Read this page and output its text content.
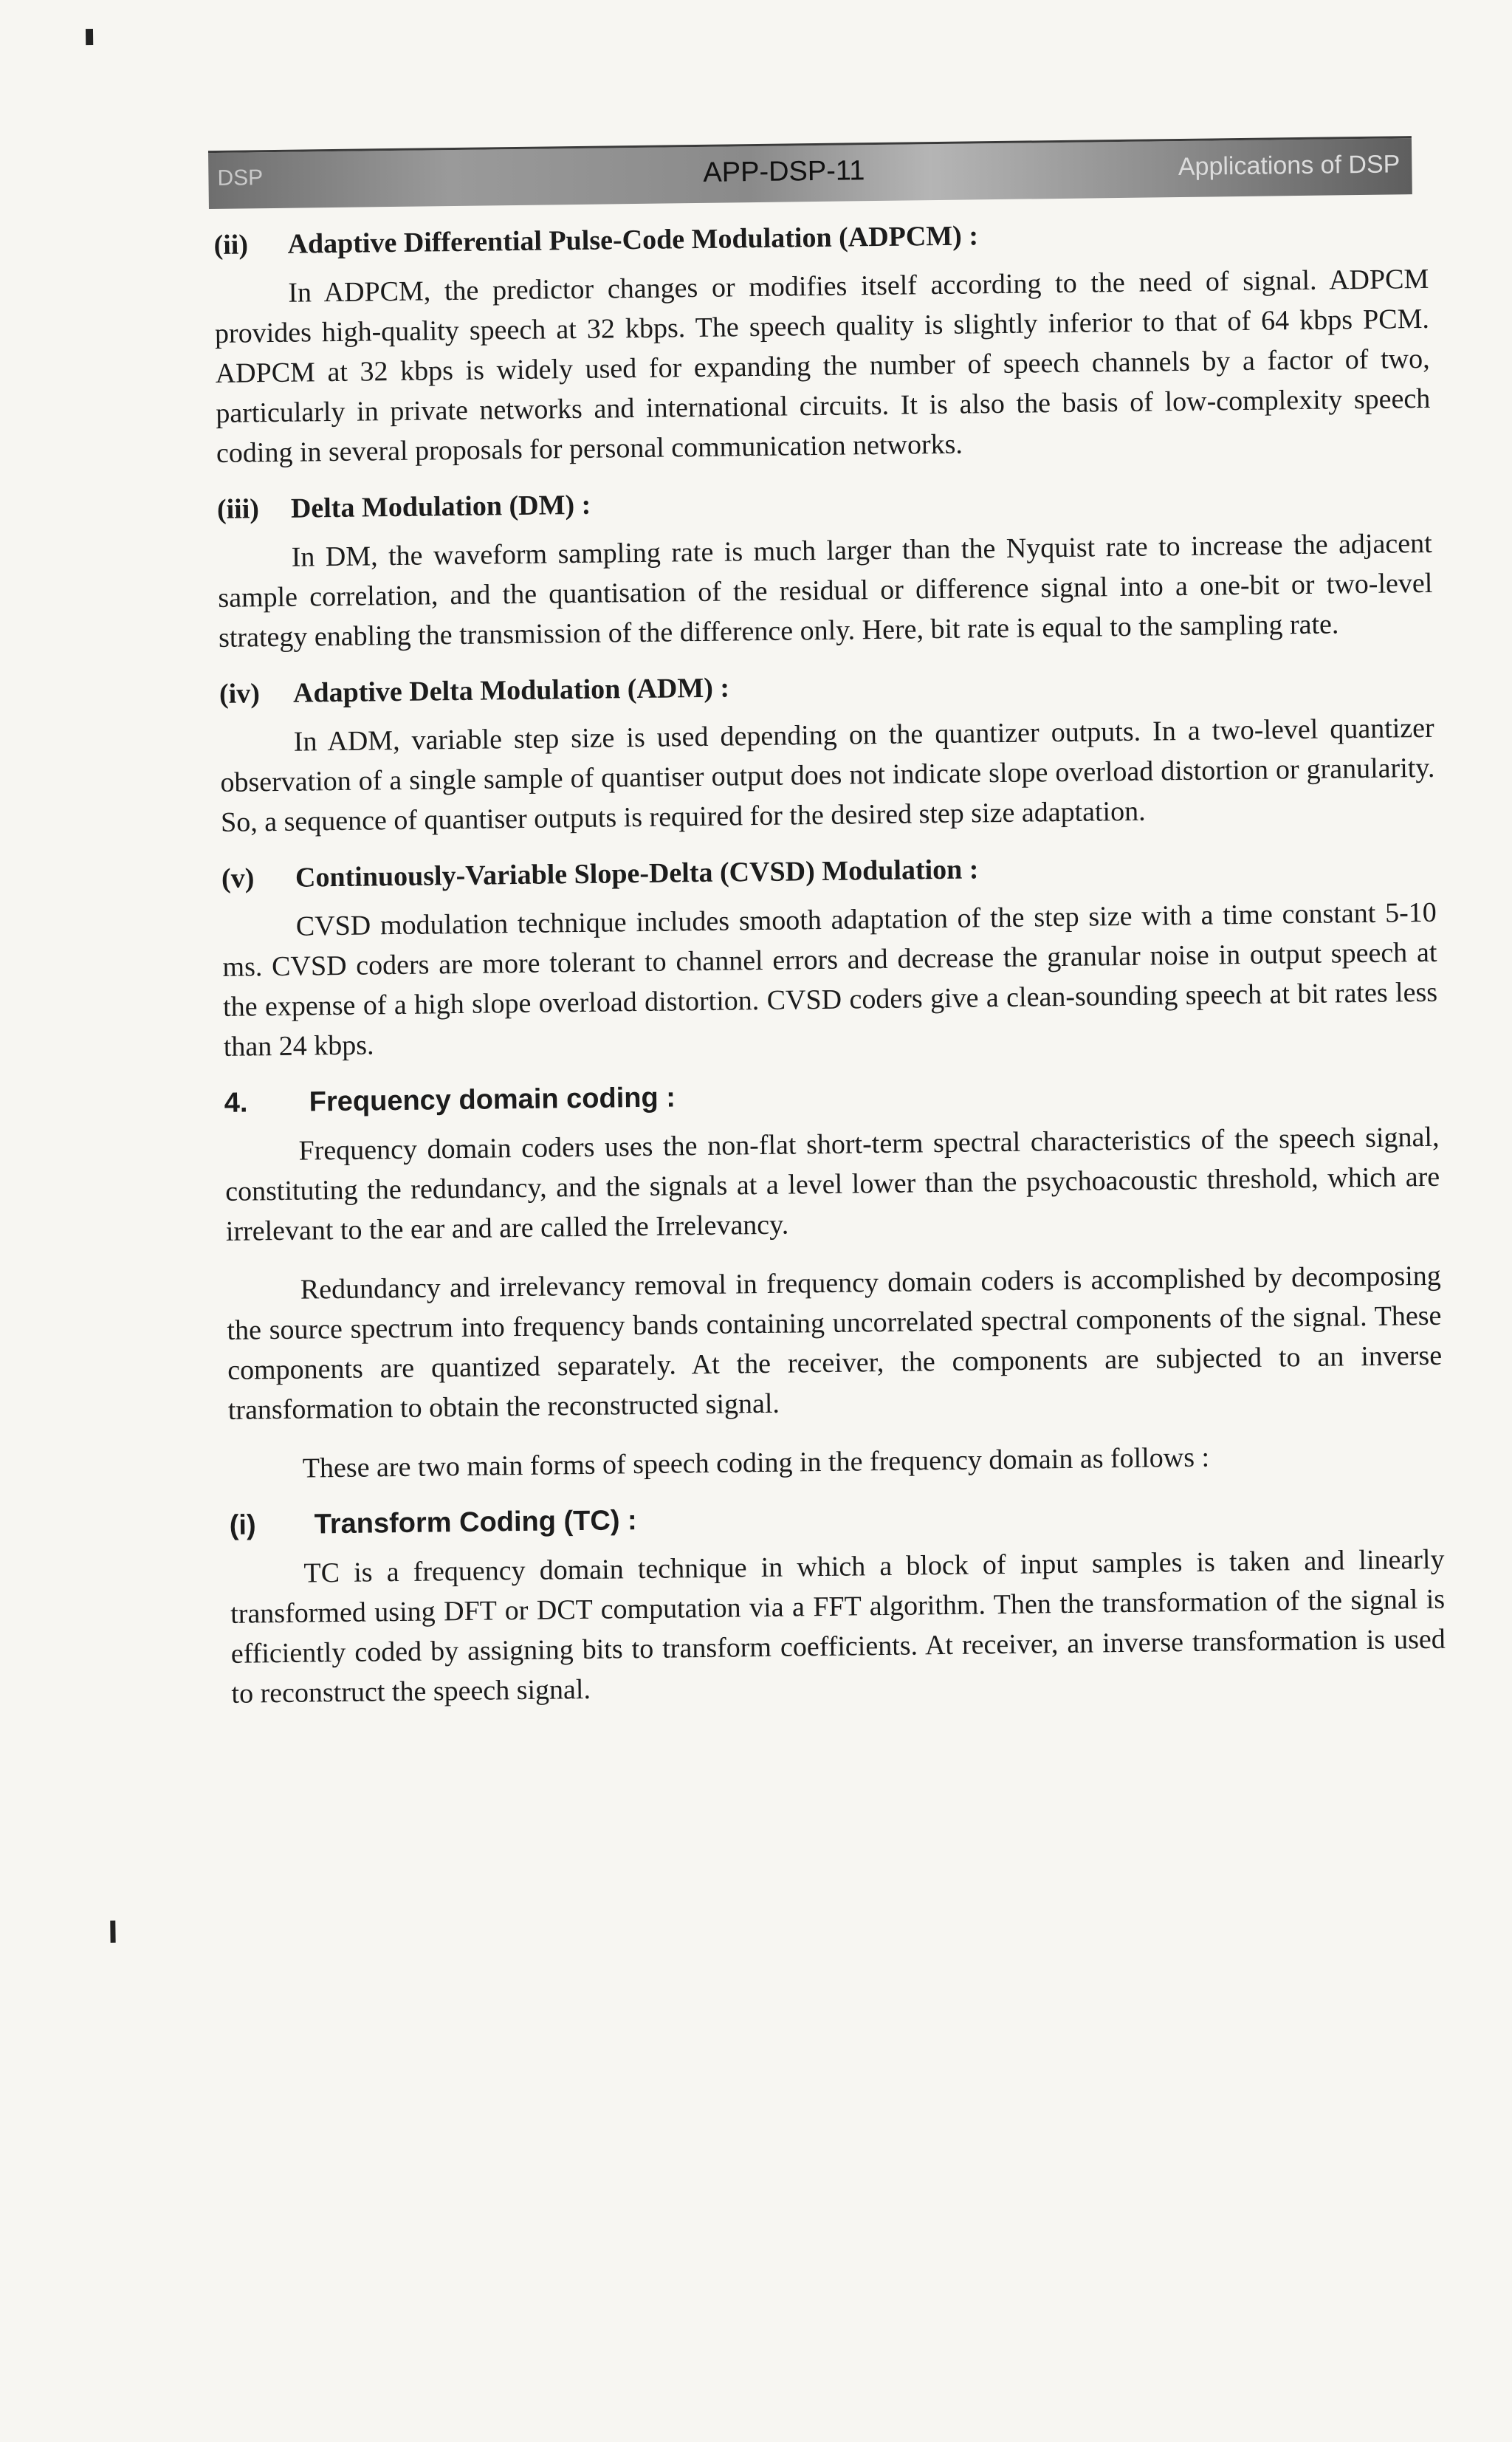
DSP	APP-DSP-11	Applications of DSP
(ii)	Adaptive Differential Pulse-Code Modulation (ADPCM) :

In ADPCM, the predictor changes or modifies itself according to the need of signal. ADPCM provides high-quality speech at 32 kbps. The speech quality is slightly inferior to that of 64 kbps PCM. ADPCM at 32 kbps is widely used for expanding the number of speech channels by a factor of two, particularly in private networks and international circuits. It is also the basis of low-complexity speech coding in several proposals for personal communication networks.

(iii)	Delta Modulation (DM) :

In DM, the waveform sampling rate is much larger than the Nyquist rate to increase the adjacent sample correlation, and the quantisation of the residual or difference signal into a one-bit or two-level strategy enabling the transmission of the difference only. Here, bit rate is equal to the sampling rate.

(iv)	Adaptive Delta Modulation (ADM) :

In ADM, variable step size is used depending on the quantizer outputs. In a two-level quantizer observation of a single sample of quantiser output does not indicate slope overload distortion or granularity. So, a sequence of quantiser outputs is required for the desired step size adaptation.

(v)	Continuously-Variable Slope-Delta (CVSD) Modulation :

CVSD modulation technique includes smooth adaptation of the step size with a time constant 5-10 ms. CVSD coders are more tolerant to channel errors and decrease the granular noise in output speech at the expense of a high slope overload distortion. CVSD coders give a clean-sounding speech at bit rates less than 24 kbps.

4.	Frequency domain coding :

Frequency domain coders uses the non-flat short-term spectral characteristics of the speech signal, constituting the redundancy, and the signals at a level lower than the psychoacoustic threshold, which are irrelevant to the ear and are called the Irrelevancy.

Redundancy and irrelevancy removal in frequency domain coders is accomplished by decomposing the source spectrum into frequency bands containing uncorrelated spectral components of the signal. These components are quantized separately. At the receiver, the components are subjected to an inverse transformation to obtain the reconstructed signal.

These are two main forms of speech coding in the frequency domain as follows :

(i)	Transform Coding (TC) :

TC is a frequency domain technique in which a block of input samples is taken and linearly transformed using DFT or DCT computation via a FFT algorithm. Then the transformation of the signal is efficiently coded by assigning bits to transform coefficients. At receiver, an inverse transformation is used to reconstruct the speech signal.
